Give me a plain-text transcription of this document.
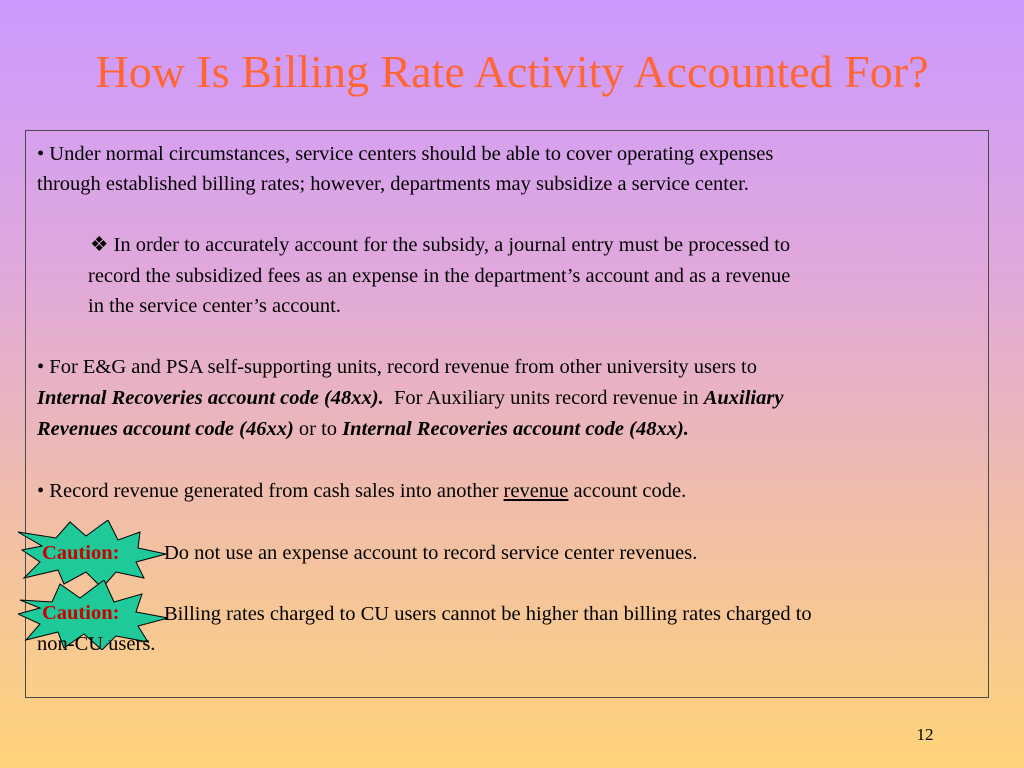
How Is Billing Rate Activity Accounted For?

• Under normal circumstances, service centers should be able to cover operating expenses

through established billing rates; however, departments may subsidize a service center.

❖ In order to accurately account for the subsidy, a journal entry must be processed to

record the subsidized fees as an expense in the department’s account and as a revenue

in the service center’s account.

• For E&G and PSA self-supporting units, record revenue from other university users to

Internal Recoveries account code (48xx). For Auxiliary units record revenue in Auxiliary

Revenues account code (46xx) or to Internal Recoveries account code (48xx).

• Record revenue generated from cash sales into another revenue account code.

Caution: Do not use an expense account to record service center revenues.

Caution: Billing rates charged to CU users cannot be higher than billing rates charged to

non-CU users.

12
